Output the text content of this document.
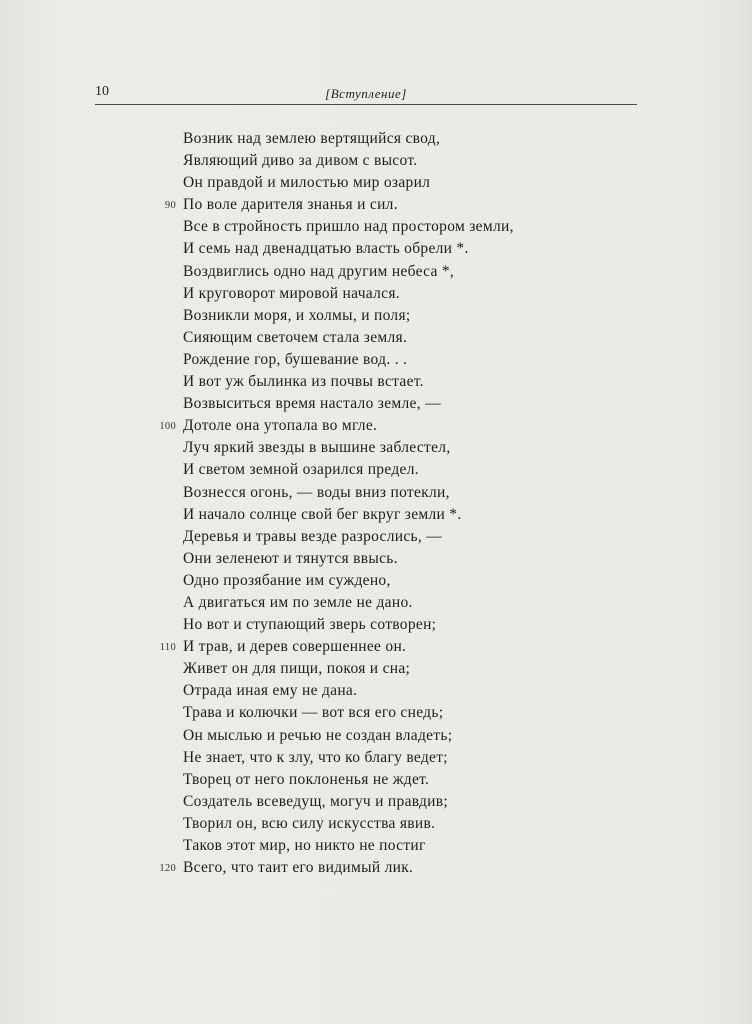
10	[Вступление]
Возник над землею вертящийся свод,
Являющий диво за дивом с высот.
Он правдой и милостью мир озарил
90 По воле дарителя знанья и сил.
Все в стройность пришло над простором земли,
И семь над двенадцатью власть обрели *.
Воздвиглись одно над другим небеса *,
И круговорот мировой начался.
Возникли моря, и холмы, и поля;
Сияющим светочем стала земля.
Рождение гор, бушевание вод. . .
И вот уж былинка из почвы встает.
Возвыситься время настало земле, —
100 Дотоле она утопала во мгле.
Луч яркий звезды в вышине заблестел,
И светом земной озарился предел.
Вознесся огонь, — воды вниз потекли,
И начало солнце свой бег вкруг земли *.
Деревья и травы везде разрослись, —
Они зеленеют и тянутся ввысь.
Одно прозябание им суждено,
А двигаться им по земле не дано.
Но вот и ступающий зверь сотворен;
110 И трав, и дерев совершеннее он.
Живет он для пищи, покоя и сна;
Отрада иная ему не дана.
Трава и колючки — вот вся его снедь;
Он мыслью и речью не создан владеть;
Не знает, что к злу, что ко благу ведет;
Творец от него поклоненья не ждет.
Создатель всеведущ, могуч и правдив;
Творил он, всю силу искусства явив.
Таков этот мир, но никто не постиг
120 Всего, что таит его видимый лик.
